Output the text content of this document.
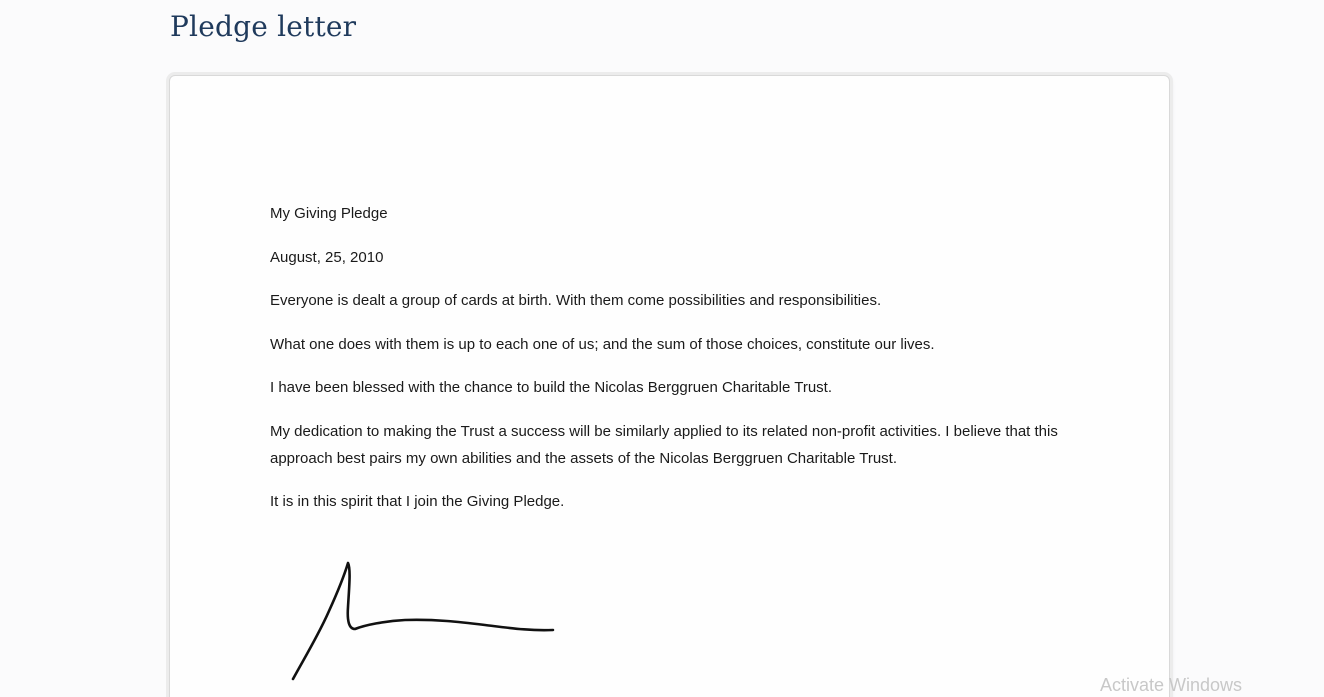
Pledge letter

My Giving Pledge

August, 25, 2010

Everyone is dealt a group of cards at birth. With them come possibilities and responsibilities.

What one does with them is up to each one of us; and the sum of those choices, constitute our lives.

I have been blessed with the chance to build the Nicolas Berggruen Charitable Trust.

My dedication to making the Trust a success will be similarly applied to its related non-profit activities. I believe that this approach best pairs my own abilities and the assets of the Nicolas Berggruen Charitable Trust.

It is in this spirit that I join the Giving Pledge.

Activate Windows
